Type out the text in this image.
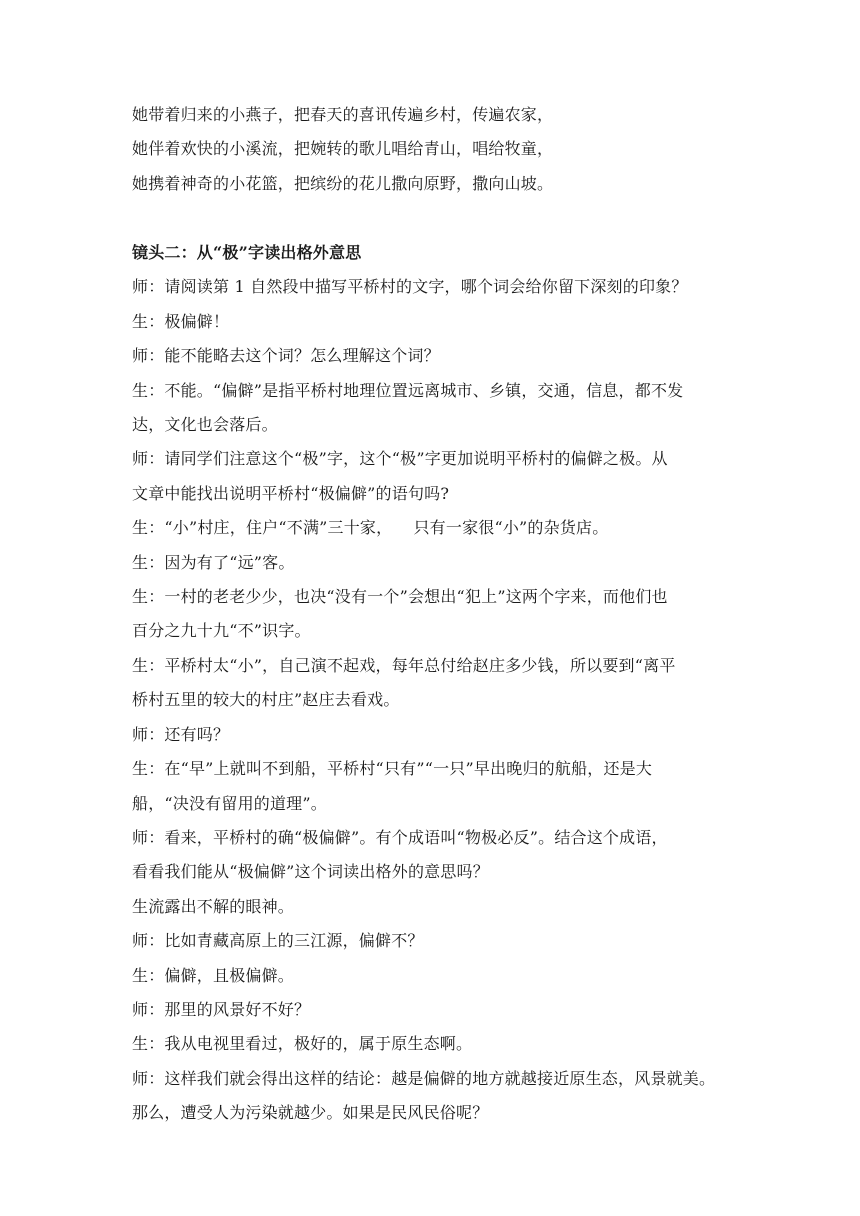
她带着归来的小燕子，把春天的喜讯传遍乡村，传遍农家，
她伴着欢快的小溪流，把婉转的歌儿唱给青山，唱给牧童，
她携着神奇的小花篮，把缤纷的花儿撒向原野，撒向山坡。
镜头二：从“极”字读出格外意思
师：请阅读第 1 自然段中描写平桥村的文字，哪个词会给你留下深刻的印象？
生：极偏僻！
师：能不能略去这个词？怎么理解这个词？
生：不能。“偏僻”是指平桥村地理位置远离城市、乡镇，交通，信息，都不发
达，文化也会落后。
师：请同学们注意这个“极”字，这个“极”字更加说明平桥村的偏僻之极。从
文章中能找出说明平桥村“极偏僻”的语句吗?
生：“小”村庄，住户“不满”三十家，    只有一家很“小”的杂货店。
生：因为有了“远”客。
生：一村的老老少少，也决“没有一个”会想出“犯上”这两个字来，而他们也
百分之九十九“不”识字。
生：平桥村太“小”，自己演不起戏，每年总付给赵庄多少钱，所以要到“离平
桥村五里的较大的村庄”赵庄去看戏。
师：还有吗？
生：在“早”上就叫不到船，平桥村“只有”“一只”早出晚归的航船，还是大
船，“决没有留用的道理”。
师：看来，平桥村的确“极偏僻”。有个成语叫“物极必反”。结合这个成语，
看看我们能从“极偏僻”这个词读出格外的意思吗？
生流露出不解的眼神。
师：比如青藏高原上的三江源，偏僻不？
生：偏僻，且极偏僻。
师：那里的风景好不好？
生：我从电视里看过，极好的，属于原生态啊。
师：这样我们就会得出这样的结论：越是偏僻的地方就越接近原生态，风景就美。
那么，遭受人为污染就越少。如果是民风民俗呢？
